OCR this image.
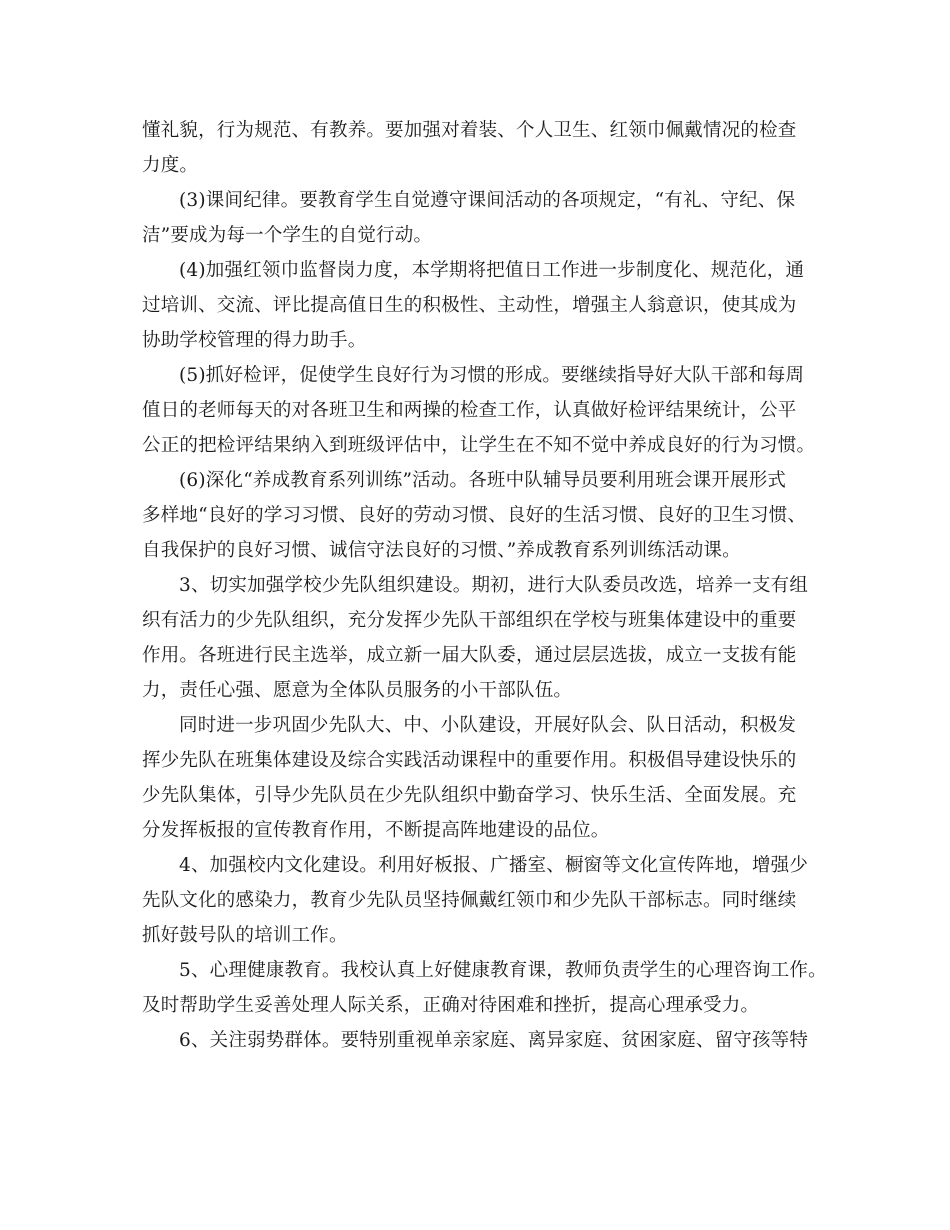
懂礼貌，行为规范、有教养。要加强对着装、个人卫生、红领巾佩戴情况的检查
力度。
(3)课间纪律。要教育学生自觉遵守课间活动的各项规定，“有礼、守纪、保
洁”要成为每一个学生的自觉行动。
(4)加强红领巾监督岗力度，本学期将把值日工作进一步制度化、规范化，通
过培训、交流、评比提高值日生的积极性、主动性，增强主人翁意识，使其成为
协助学校管理的得力助手。
(5)抓好检评，促使学生良好行为习惯的形成。要继续指导好大队干部和每周
值日的老师每天的对各班卫生和两操的检查工作，认真做好检评结果统计，公平
公正的把检评结果纳入到班级评估中，让学生在不知不觉中养成良好的行为习惯。
(6)深化“养成教育系列训练”活动。各班中队辅导员要利用班会课开展形式
多样地“良好的学习习惯、良好的劳动习惯、良好的生活习惯、良好的卫生习惯、
自我保护的良好习惯、诚信守法良好的习惯、”养成教育系列训练活动课。
3、切实加强学校少先队组织建设。期初，进行大队委员改选，培养一支有组
织有活力的少先队组织，充分发挥少先队干部组织在学校与班集体建设中的重要
作用。各班进行民主选举，成立新一届大队委，通过层层选拔，成立一支拔有能
力，责任心强、愿意为全体队员服务的小干部队伍。
同时进一步巩固少先队大、中、小队建设，开展好队会、队日活动，积极发
挥少先队在班集体建设及综合实践活动课程中的重要作用。积极倡导建设快乐的
少先队集体，引导少先队员在少先队组织中勤奋学习、快乐生活、全面发展。充
分发挥板报的宣传教育作用，不断提高阵地建设的品位。
4、加强校内文化建设。利用好板报、广播室、橱窗等文化宣传阵地，增强少
先队文化的感染力，教育少先队员坚持佩戴红领巾和少先队干部标志。同时继续
抓好鼓号队的培训工作。
5、心理健康教育。我校认真上好健康教育课，教师负责学生的心理咨询工作。
及时帮助学生妥善处理人际关系，正确对待困难和挫折，提高心理承受力。
6、关注弱势群体。要特别重视单亲家庭、离异家庭、贫困家庭、留守孩等特
